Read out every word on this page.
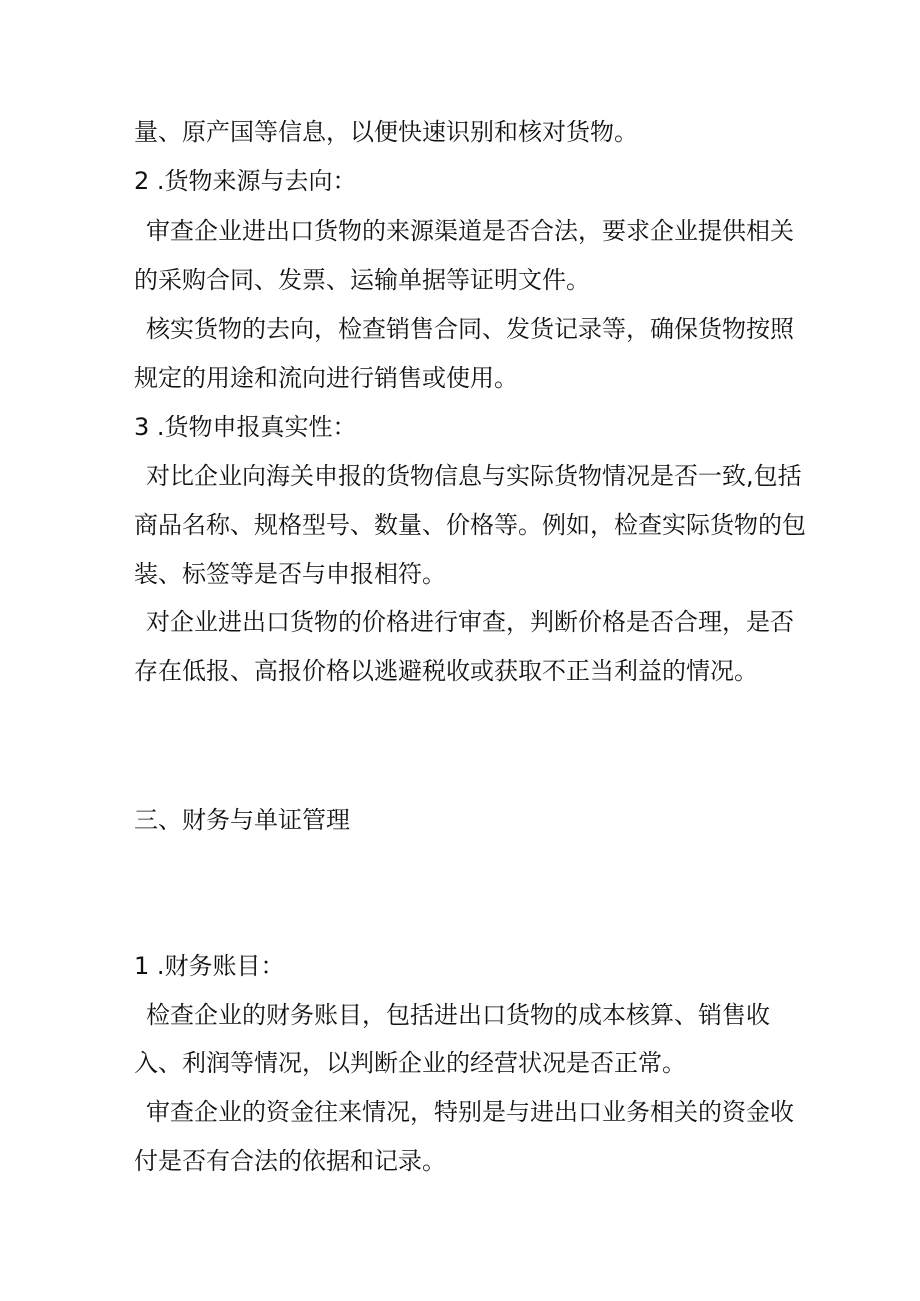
量、原产国等信息，以便快速识别和核对货物。
2 .货物来源与去向：
审查企业进出口货物的来源渠道是否合法，要求企业提供相关
的采购合同、发票、运输单据等证明文件。
核实货物的去向，检查销售合同、发货记录等，确保货物按照
规定的用途和流向进行销售或使用。
3 .货物申报真实性：
对比企业向海关申报的货物信息与实际货物情况是否一致,包括
商品名称、规格型号、数量、价格等。例如，检查实际货物的包
装、标签等是否与申报相符。
对企业进出口货物的价格进行审查，判断价格是否合理，是否
存在低报、高报价格以逃避税收或获取不正当利益的情况。
三、财务与单证管理
1 .财务账目：
检查企业的财务账目，包括进出口货物的成本核算、销售收
入、利润等情况，以判断企业的经营状况是否正常。
审查企业的资金往来情况，特别是与进出口业务相关的资金收
付是否有合法的依据和记录。
